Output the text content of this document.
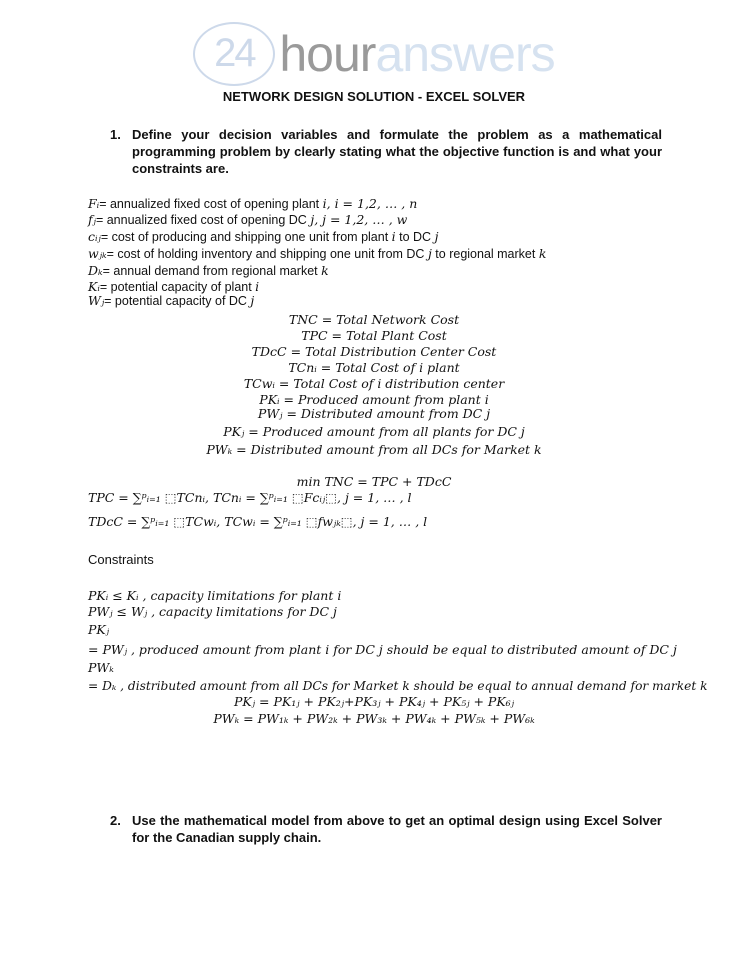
24 houranswers
NETWORK DESIGN SOLUTION - EXCEL SOLVER
1. Define your decision variables and formulate the problem as a mathematical programming problem by clearly stating what the objective function is and what your constraints are.
Fᵢ= annualized fixed cost of opening plant i, i = 1,2, … , n
fⱼ= annualized fixed cost of opening DC j, j = 1,2, … , w
cᵢⱼ= cost of producing and shipping one unit from plant i to DC j
wⱼₖ= cost of holding inventory and shipping one unit from DC j to regional market k
Dₖ= annual demand from regional market k
Kᵢ= potential capacity of plant i
Wⱼ= potential capacity of DC j
TNC = Total Network Cost
TPC = Total Plant Cost
TDcC = Total Distribution Center Cost
TCnᵢ = Total Cost of i plant
TCwᵢ = Total Cost of i distribution center
PKᵢ = Produced amount from plant i
PWⱼ = Distributed amount from DC j
PKⱼ = Produced amount from all plants for DC j
PWₖ = Distributed amount from all DCs for Market k
min TNC = TPC + TDcC
TPC = ∑ᵖᵢ₌₁ ⬚TCnᵢ, TCnᵢ = ∑ᵖᵢ₌₁ ⬚Fcᵢⱼ⬚, j = 1, … , l
TDcC = ∑ᵖᵢ₌₁ ⬚TCwᵢ, TCwᵢ = ∑ᵖᵢ₌₁ ⬚fwⱼₖ⬚, j = 1, … , l
Constraints
PKᵢ ≤ Kᵢ , capacity limitations for plant i
PWⱼ ≤ Wⱼ , capacity limitations for DC j
PKⱼ
= PWⱼ , produced amount from plant i for DC j should be equal to distributed amount of DC j
PWₖ
= Dₖ , distributed amount from all DCs for Market k should be equal to annual demand for market k
PKⱼ = PK₁ⱼ + PK₂ⱼ+PK₃ⱼ + PK₄ⱼ + PK₅ⱼ + PK₆ⱼ
PWₖ = PW₁ₖ + PW₂ₖ + PW₃ₖ + PW₄ₖ + PW₅ₖ + PW₆ₖ
2. Use the mathematical model from above to get an optimal design using Excel Solver for the Canadian supply chain.
